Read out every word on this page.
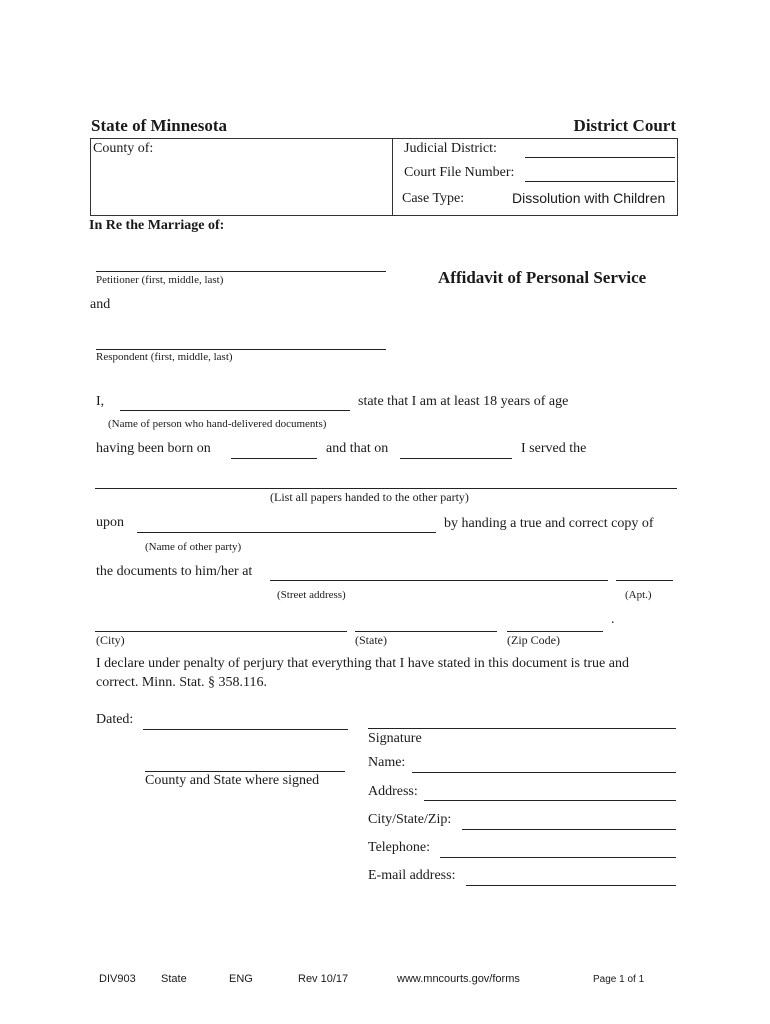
State of Minnesota	District Court
County of:	Judicial District:
Court File Number:
Case Type:	Dissolution with Children
In Re the Marriage of:
Petitioner (first, middle, last)	Affidavit of Personal Service
and
Respondent (first, middle, last)
I,	state that I am at least 18 years of age
(Name of person who hand-delivered documents)
having been born on	and that on	I served the
(List all papers handed to the other party)
upon	by handing a true and correct copy of
(Name of other party)
the documents to him/her at
(Street address)	(Apt.)
.
(City)	(State)	(Zip Code)
I declare under penalty of perjury that everything that I have stated in this document is true and
correct. Minn. Stat. § 358.116.
Dated:
Signature
County and State where signed
Name:
Address:
City/State/Zip:
Telephone:
E-mail address:
DIV903 State	ENG	Rev 10/17	www.mncourts.gov/forms	Page 1 of 1
